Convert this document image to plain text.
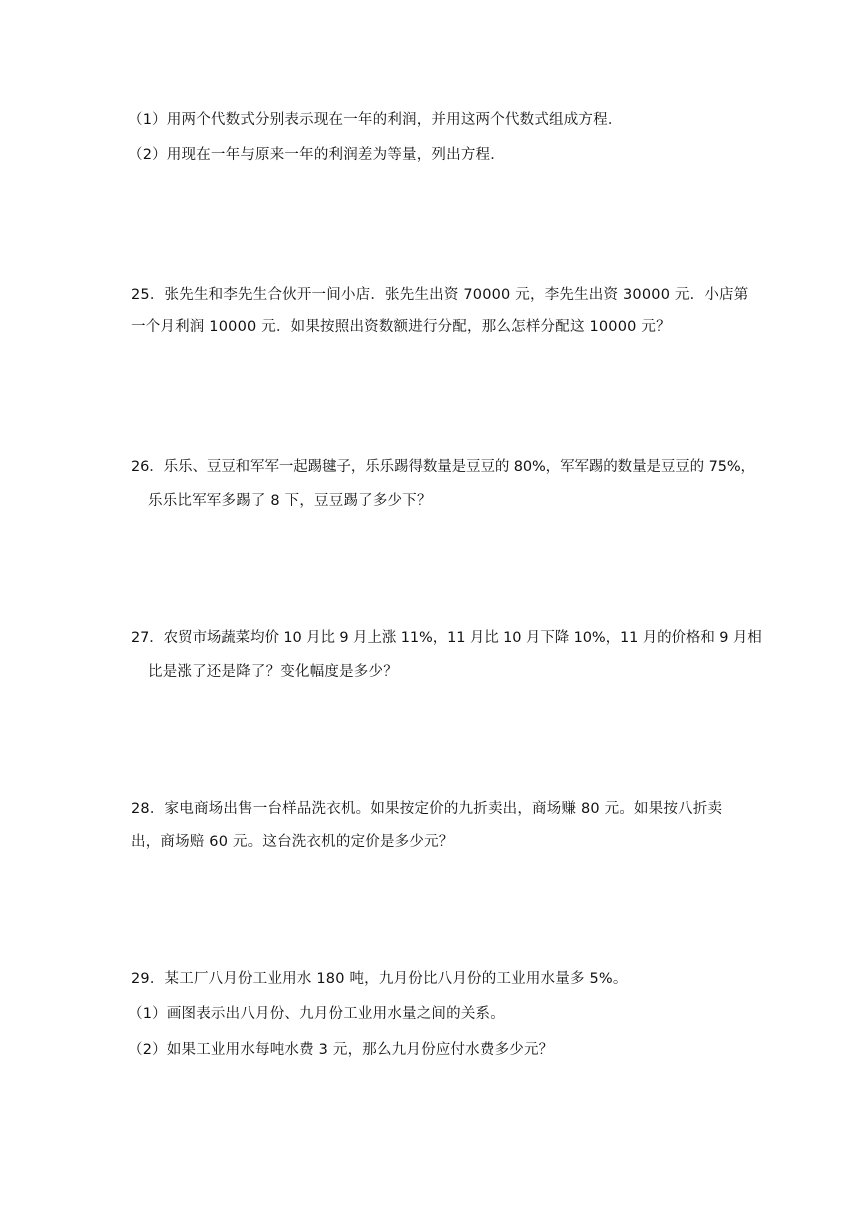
（1）用两个代数式分别表示现在一年的利润，并用这两个代数式组成方程．
（2）用现在一年与原来一年的利润差为等量，列出方程．
25．张先生和李先生合伙开一间小店．张先生出资 70000 元，李先生出资 30000 元．小店第
一个月利润 10000 元．如果按照出资数额进行分配，那么怎样分配这 10000 元？
26．乐乐、豆豆和军军一起踢毽子，乐乐踢得数量是豆豆的 80%，军军踢的数量是豆豆的 75%，
乐乐比军军多踢了 8 下，豆豆踢了多少下？
27．农贸市场蔬菜均价 10 月比 9 月上涨 11%，11 月比 10 月下降 10%，11 月的价格和 9 月相
比是涨了还是降了？变化幅度是多少？
28．家电商场出售一台样品洗衣机。如果按定价的九折卖出，商场赚 80 元。如果按八折卖
出，商场赔 60 元。这台洗衣机的定价是多少元？
29．某工厂八月份工业用水 180 吨，九月份比八月份的工业用水量多 5%。
（1）画图表示出八月份、九月份工业用水量之间的关系。
（2）如果工业用水每吨水费 3 元，那么九月份应付水费多少元？
